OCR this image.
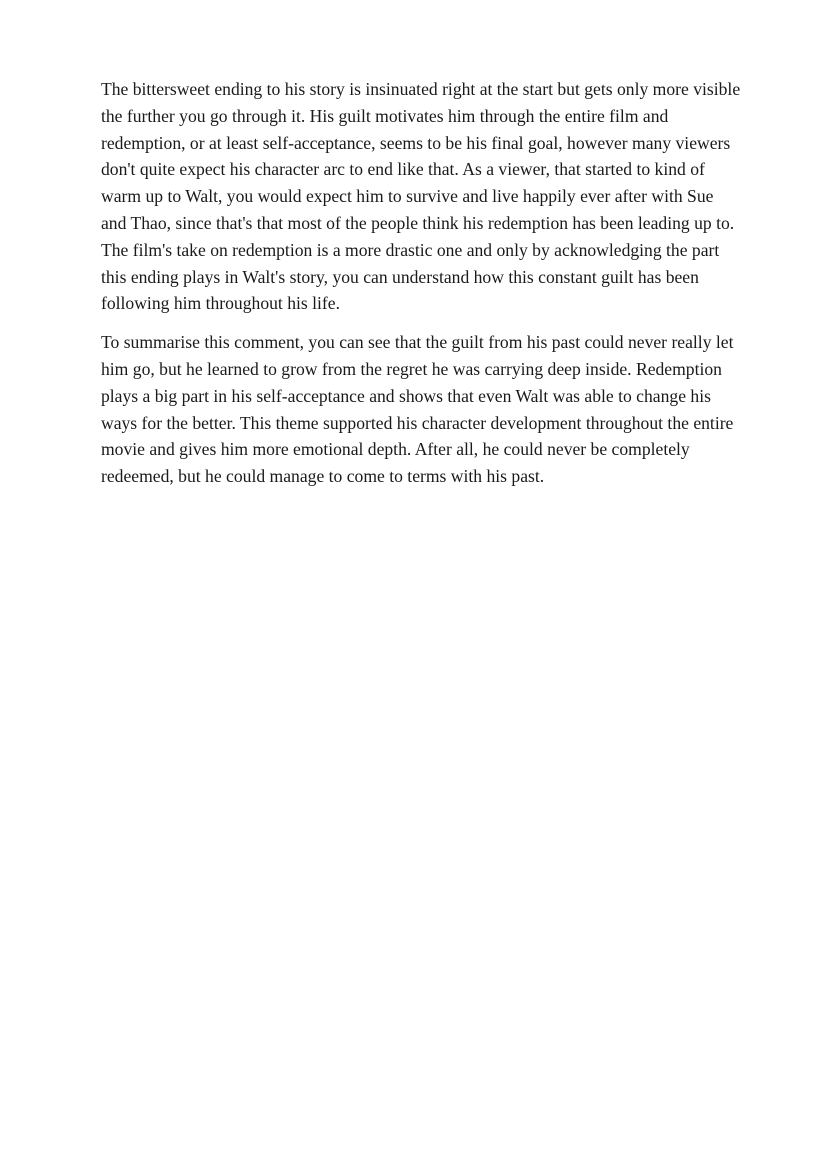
The bittersweet ending to his story is insinuated right at the start but gets only more visible the further you go through it. His guilt motivates him through the entire film and redemption, or at least self-acceptance, seems to be his final goal, however many viewers don't quite expect his character arc to end like that. As a viewer, that started to kind of warm up to Walt, you would expect him to survive and live happily ever after with Sue and Thao, since that's that most of the people think his redemption has been leading up to. The film's take on redemption is a more drastic one and only by acknowledging the part this ending plays in Walt's story, you can understand how this constant guilt has been following him throughout his life.

To summarise this comment, you can see that the guilt from his past could never really let him go, but he learned to grow from the regret he was carrying deep inside. Redemption plays a big part in his self-acceptance and shows that even Walt was able to change his ways for the better. This theme supported his character development throughout the entire movie and gives him more emotional depth. After all, he could never be completely redeemed, but he could manage to come to terms with his past.
